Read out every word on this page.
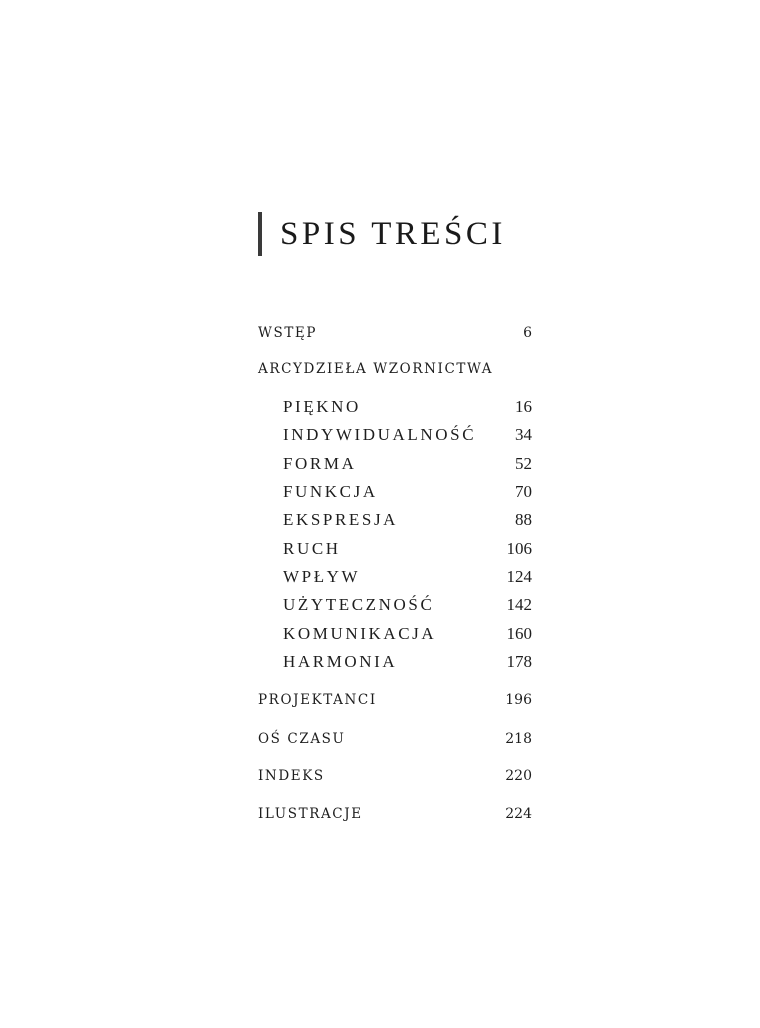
SPIS TREŚCI
WSTĘP	6
ARCYDZIEŁA WZORNICTWA
PIĘKNO	16
INDYWIDUALNOŚĆ	34
FORMA	52
FUNKCJA	70
EKSPRESJA	88
RUCH	106
WPŁYW	124
UŻYTECZNOŚĆ	142
KOMUNIKACJA	160
HARMONIA	178
PROJEKTANCI	196
OŚ CZASU	218
INDEKS	220
ILUSTRACJE	224
